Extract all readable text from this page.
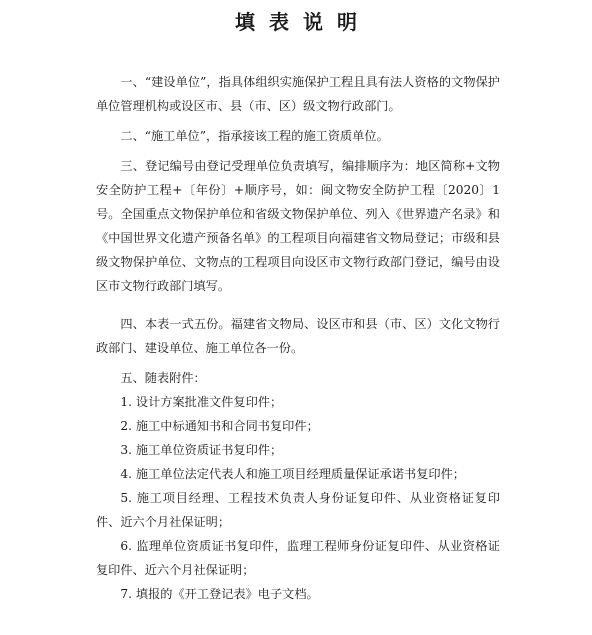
填表说明

一、“建设单位”，指具体组织实施保护工程且具有法人资格的文物保护单位管理机构或设区市、县（市、区）级文物行政部门。

二、“施工单位”，指承接该工程的施工资质单位。

三、登记编号由登记受理单位负责填写，编排顺序为：地区简称+文物安全防护工程+〔年份〕+顺序号，如：闽文物安全防护工程〔2020〕1号。全国重点文物保护单位和省级文物保护单位、列入《世界遗产名录》和《中国世界文化遗产预备名单》的工程项目向福建省文物局登记；市级和县级文物保护单位、文物点的工程项目向设区市文物行政部门登记，编号由设区市文物行政部门填写。

四、本表一式五份。福建省文物局、设区市和县（市、区）文化文物行政部门、建设单位、施工单位各一份。

五、随表附件：

1. 设计方案批准文件复印件；

2. 施工中标通知书和合同书复印件；

3. 施工单位资质证书复印件；

4. 施工单位法定代表人和施工项目经理质量保证承诺书复印件；

5. 施工项目经理、工程技术负责人身份证复印件、从业资格证复印件、近六个月社保证明；

6. 监理单位资质证书复印件，监理工程师身份证复印件、从业资格证复印件、近六个月社保证明；

7. 填报的《开工登记表》电子文档。
